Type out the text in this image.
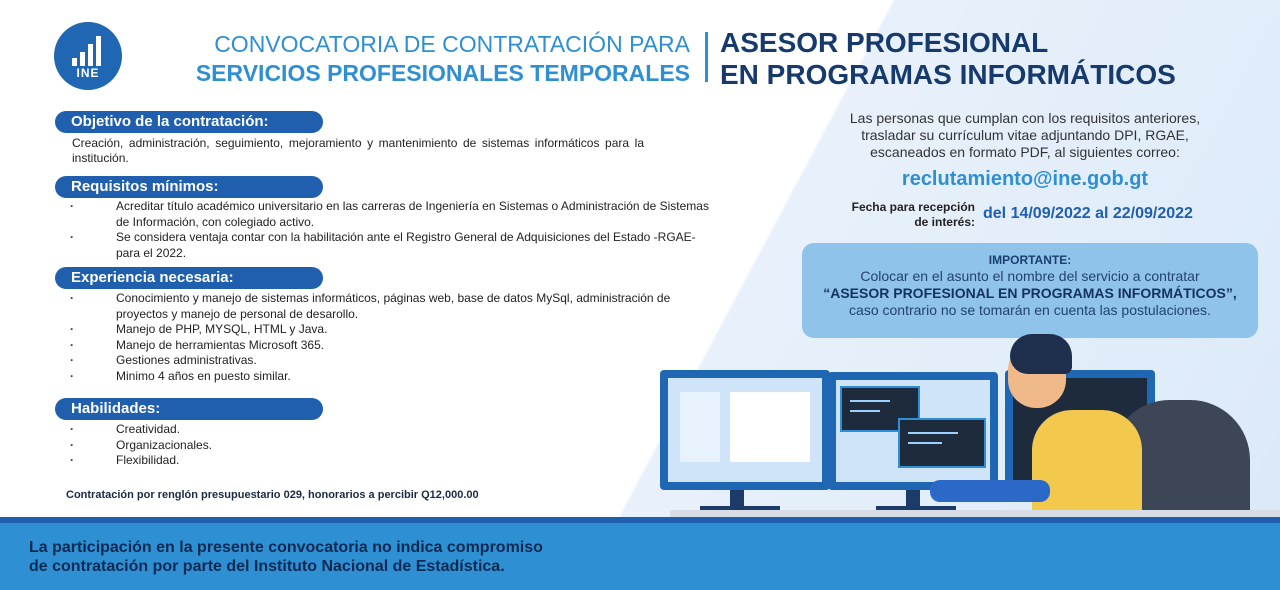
INE
CONVOCATORIA DE CONTRATACIÓN PARA
SERVICIOS PROFESIONALES TEMPORALES
ASESOR PROFESIONAL
EN PROGRAMAS INFORMÁTICOS
Objetivo de la contratación:
Creación, administración, seguimiento, mejoramiento y mantenimiento de sistemas informáticos para la institución.
Requisitos mínimos:
· Acreditar título académico universitario en las carreras de Ingeniería en Sistemas o Administración de Sistemas de Información, con colegiado activo.
· Se considera ventaja contar con la habilitación ante el Registro General de Adquisiciones del Estado -RGAE- para el 2022.
Experiencia necesaria:
· Conocimiento y manejo de sistemas informáticos, páginas web, base de datos MySql, administración de proyectos y manejo de personal de desarollo.
· Manejo de PHP, MYSQL, HTML y Java.
· Manejo de herramientas Microsoft 365.
· Gestiones administrativas.
· Minimo 4 años en puesto similar.
Habilidades:
· Creatividad.
· Organizacionales.
· Flexibilidad.
Contratación por renglón presupuestario 029, honorarios a percibir Q12,000.00
Las personas que cumplan con los requisitos anteriores,
trasladar su currículum vitae adjuntando DPI, RGAE,
escaneados en formato PDF, al siguientes correo:
reclutamiento@ine.gob.gt
Fecha para recepción
de interés: del 14/09/2022 al 22/09/2022
IMPORTANTE:
Colocar en el asunto el nombre del servicio a contratar
“ASESOR PROFESIONAL EN PROGRAMAS INFORMÁTICOS”,
caso contrario no se tomarán en cuenta las postulaciones.
La participación en la presente convocatoria no indica compromiso
de contratación por parte del Instituto Nacional de Estadística.
